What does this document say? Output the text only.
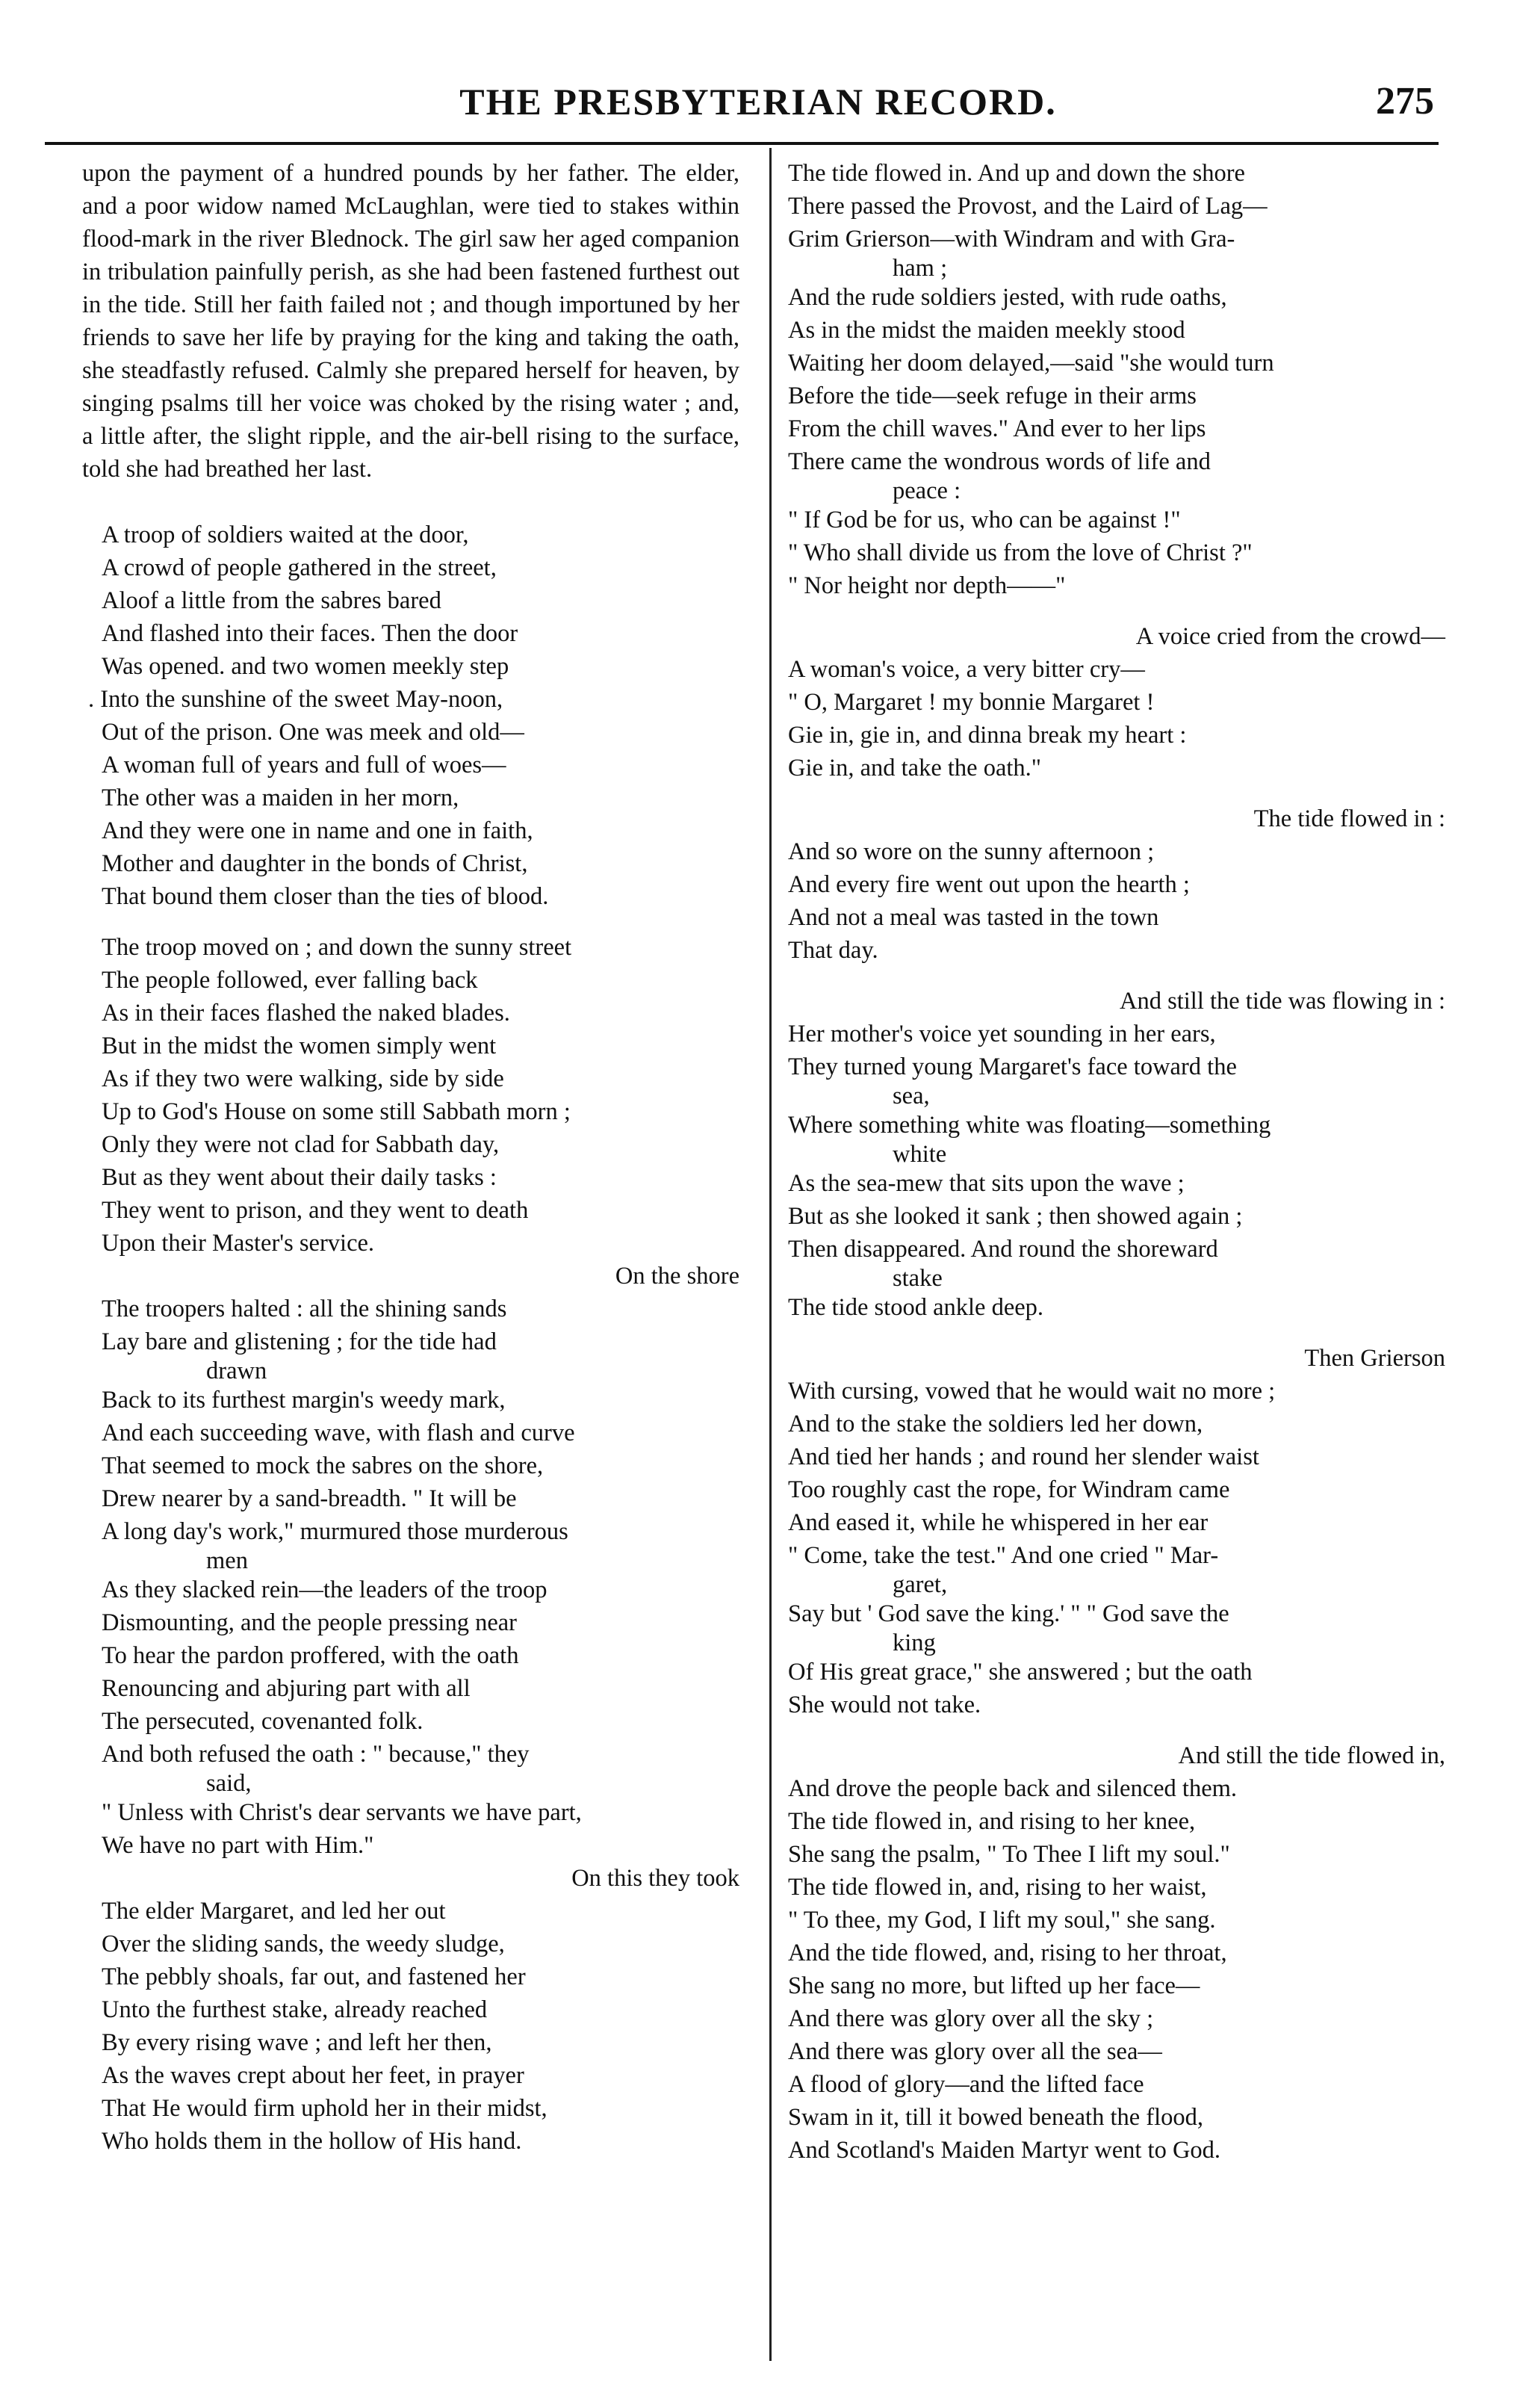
THE PRESBYTERIAN RECORD.	275

upon the payment of a hundred pounds by her father. The elder, and a poor widow named McLaughlan, were tied to stakes within flood-mark in the river Blednock. The girl saw her aged companion in tribulation painfully perish, as she had been fastened furthest out in the tide. Still her faith failed not ; and though importuned by her friends to save her life by praying for the king and taking the oath, she steadfastly refused. Calmly she prepared herself for heaven, by singing psalms till her voice was choked by the rising water ; and, a little after, the slight ripple, and the air-bell rising to the surface, told she had breathed her last.

A troop of soldiers waited at the door,
A crowd of people gathered in the street,
Aloof a little from the sabres bared
And flashed into their faces. Then the door
Was opened. and two women meekly step
. Into the sunshine of the sweet May-noon,
Out of the prison. One was meek and old—
A woman full of years and full of woes—
The other was a maiden in her morn,
And they were one in name and one in faith,
Mother and daughter in the bonds of Christ,
That bound them closer than the ties of blood.
The troop moved on ; and down the sunny street
The people followed, ever falling back
As in their faces flashed the naked blades.
But in the midst the women simply went
As if they two were walking, side by side
Up to God's House on some still Sabbath morn ;
Only they were not clad for Sabbath day,
But as they went about their daily tasks :
They went to prison, and they went to death
Upon their Master's service.
On the shore
The troopers halted : all the shining sands
Lay bare and glistening ; for the tide had
drawn
Back to its furthest margin's weedy mark,
And each succeeding wave, with flash and curve
That seemed to mock the sabres on the shore,
Drew nearer by a sand-breadth. " It will be
A long day's work," murmured those murderous
men
As they slacked rein—the leaders of the troop
Dismounting, and the people pressing near
To hear the pardon proffered, with the oath
Renouncing and abjuring part with all
The persecuted, covenanted folk.
And both refused the oath : " because," they
said,
" Unless with Christ's dear servants we have part,
We have no part with Him."
On this they took
The elder Margaret, and led her out
Over the sliding sands, the weedy sludge,
The pebbly shoals, far out, and fastened her
Unto the furthest stake, already reached
By every rising wave ; and left her then,
As the waves crept about her feet, in prayer
That He would firm uphold her in their midst,
Who holds them in the hollow of His hand.
The tide flowed in. And up and down the shore
There passed the Provost, and the Laird of Lag—
Grim Grierson—with Windram and with Gra-
ham ;
And the rude soldiers jested, with rude oaths,
As in the midst the maiden meekly stood
Waiting her doom delayed,—said "she would turn
Before the tide—seek refuge in their arms
From the chill waves." And ever to her lips
There came the wondrous words of life and
peace :
" If God be for us, who can be against !"
" Who shall divide us from the love of Christ ?"
" Nor height nor depth——"
A voice cried from the crowd—
A woman's voice, a very bitter cry—
" O, Margaret ! my bonnie Margaret !
Gie in, gie in, and dinna break my heart :
Gie in, and take the oath."
The tide flowed in :
And so wore on the sunny afternoon ;
And every fire went out upon the hearth ;
And not a meal was tasted in the town
That day.
And still the tide was flowing in :
Her mother's voice yet sounding in her ears,
They turned young Margaret's face toward the
sea,
Where something white was floating—something
white
As the sea-mew that sits upon the wave ;
But as she looked it sank ; then showed again ;
Then disappeared. And round the shoreward
stake
The tide stood ankle deep.
Then Grierson
With cursing, vowed that he would wait no more ;
And to the stake the soldiers led her down,
And tied her hands ; and round her slender waist
Too roughly cast the rope, for Windram came
And eased it, while he whispered in her ear
" Come, take the test." And one cried " Mar-
garet,
Say but ' God save the king.' " " God save the
king
Of His great grace," she answered ; but the oath
She would not take.
And still the tide flowed in,
And drove the people back and silenced them.
The tide flowed in, and rising to her knee,
She sang the psalm, " To Thee I lift my soul."
The tide flowed in, and, rising to her waist,
" To thee, my God, I lift my soul," she sang.
And the tide flowed, and, rising to her throat,
She sang no more, but lifted up her face—
And there was glory over all the sky ;
And there was glory over all the sea—
A flood of glory—and the lifted face
Swam in it, till it bowed beneath the flood,
And Scotland's Maiden Martyr went to God.
